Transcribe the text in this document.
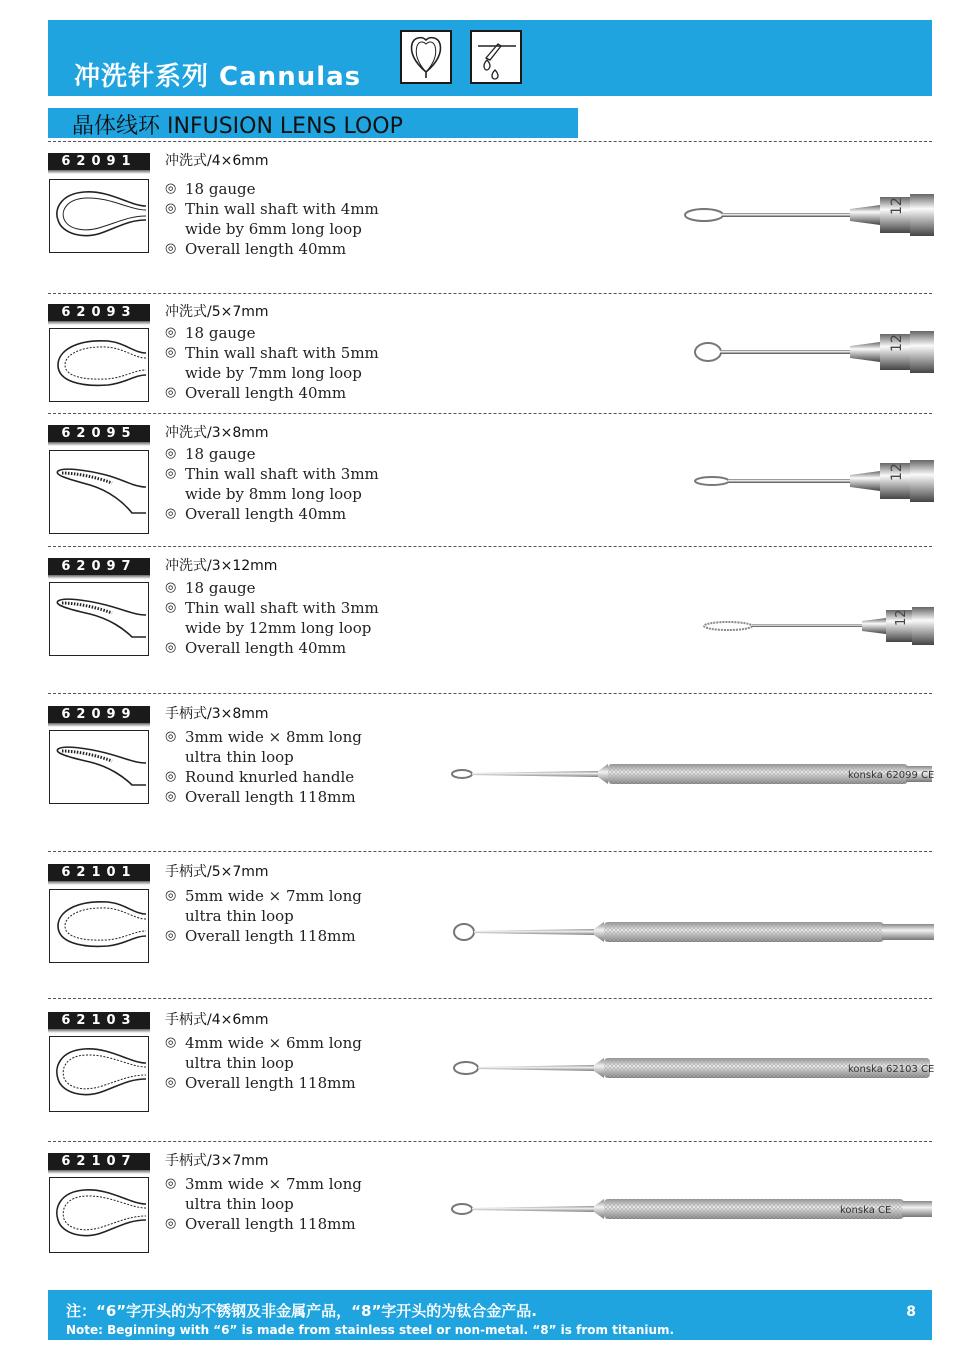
冲洗针系列 Cannulas
晶体线环 INFUSION LENS LOOP
62091	冲洗式/4×6mm
◎ 18 gauge
◎ Thin wall shaft with 4mm
wide by 6mm long loop
◎ Overall length 40mm
12
62093	冲洗式/5×7mm
◎ 18 gauge
◎ Thin wall shaft with 5mm
wide by 7mm long loop
◎ Overall length 40mm
12
62095	冲洗式/3×8mm
◎ 18 gauge
◎ Thin wall shaft with 3mm
wide by 8mm long loop
◎ Overall length 40mm
12
62097	冲洗式/3×12mm
◎ 18 gauge
◎ Thin wall shaft with 3mm
wide by 12mm long loop
◎ Overall length 40mm
12
62099	手柄式/3×8mm
◎ 3mm wide × 8mm long
ultra thin loop
◎ Round knurled handle
◎ Overall length 118mm
konska 62099 CE
62101	手柄式/5×7mm
◎ 5mm wide × 7mm long
ultra thin loop
◎ Overall length 118mm
62103	手柄式/4×6mm
◎ 4mm wide × 6mm long
ultra thin loop
◎ Overall length 118mm
konska 62103 CE
62107	手柄式/3×7mm
◎ 3mm wide × 7mm long
ultra thin loop
◎ Overall length 118mm
konska CE
注：“6”字开头的为不锈钢及非金属产品，“8”字开头的为钛合金产品.
Note: Beginning with “6” is made from stainless steel or non-metal. “8” is from titanium.
8
